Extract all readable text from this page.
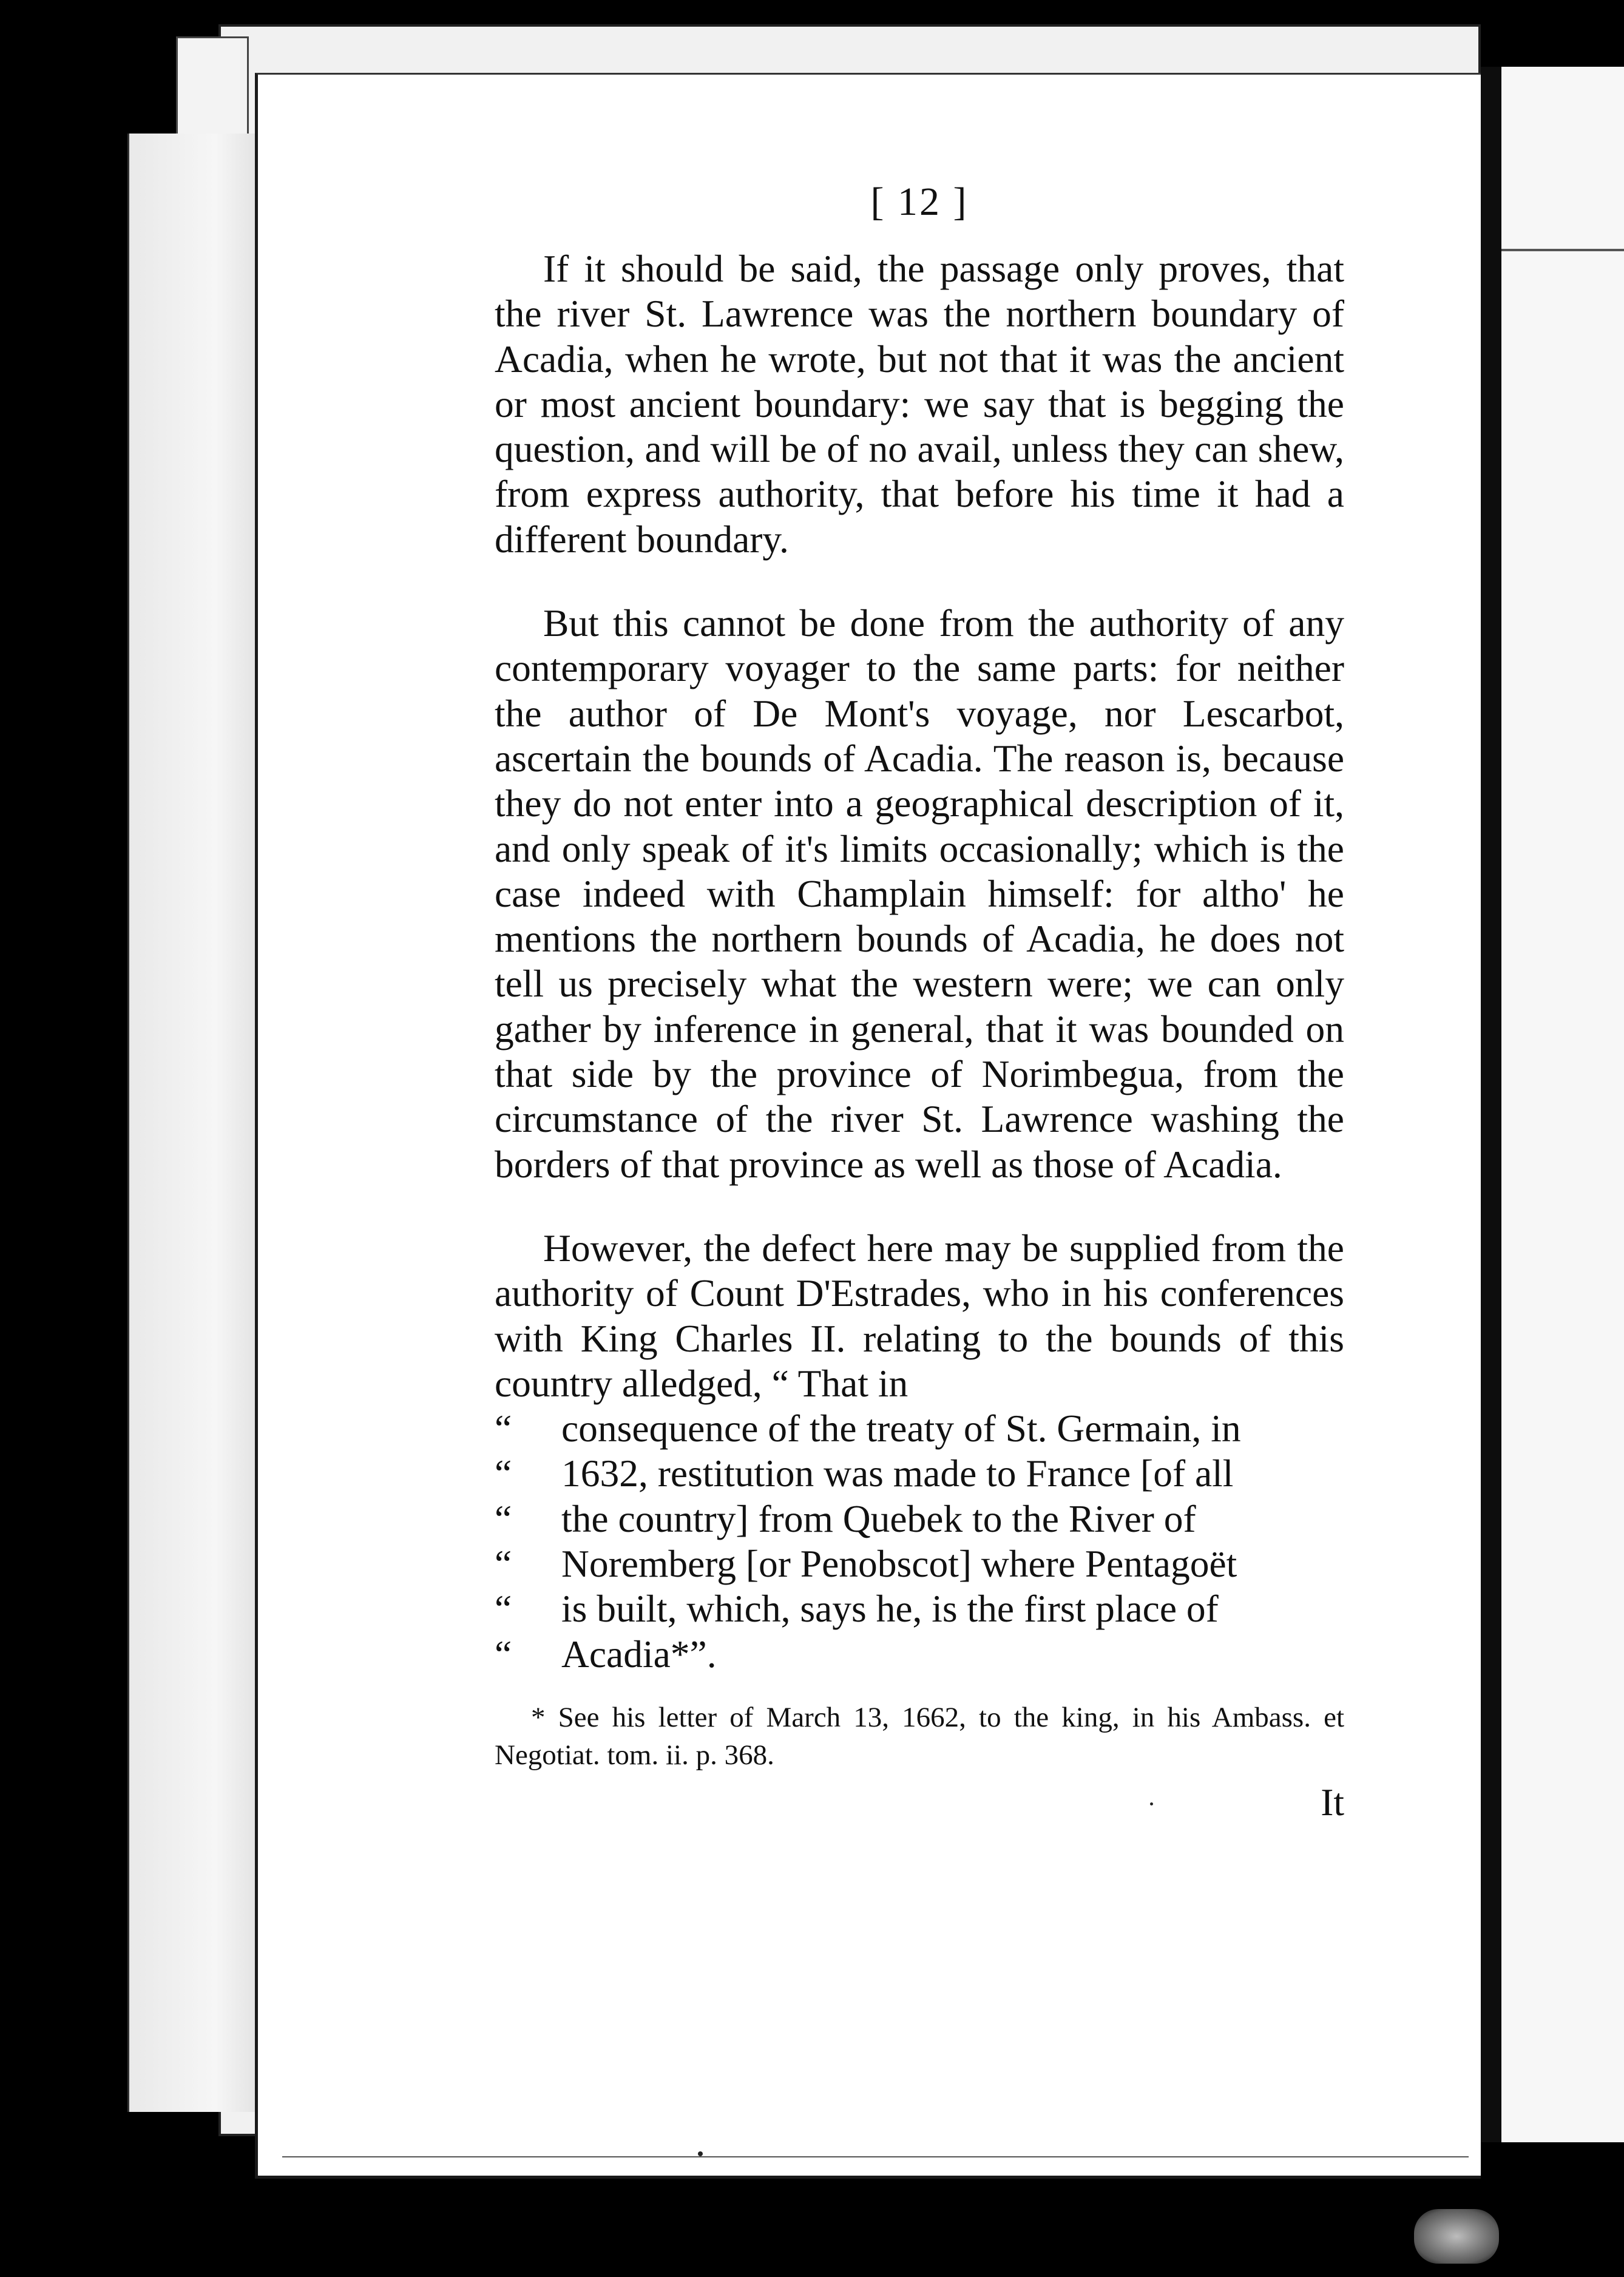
[ 12 ]

If it should be said, the passage only proves, that the river St. Lawrence was the northern boundary of Acadia, when he wrote, but not that it was the ancient or most ancient boundary: we say that is begging the question, and will be of no avail, unless they can shew, from express authority, that before his time it had a different boundary.

But this cannot be done from the authority of any contemporary voyager to the same parts: for neither the author of De Mont's voyage, nor Lescarbot, ascertain the bounds of Acadia. The reason is, because they do not enter into a geographical description of it, and only speak of it's limits occasionally; which is the case indeed with Champlain himself: for altho' he mentions the northern bounds of Acadia, he does not tell us precisely what the western were; we can only gather by inference in general, that it was bounded on that side by the province of Norimbegua, from the circumstance of the river St. Lawrence washing the borders of that province as well as those of Acadia.

However, the defect here may be supplied from the authority of Count D'Estrades, who in his conferences with King Charles II. relating to the bounds of this country alledged, “ That in

“ consequence of the treaty of St. Germain, in

“ 1632, restitution was made to France [of all

“ the country] from Quebek to the River of

“ Noremberg [or Penobscot] where Pentagoët

“ is built, which, says he, is the first place of

“ Acadia*”.

* See his letter of March 13, 1662, to the king, in his Ambass. et Negotiat. tom. ii. p. 368.

It
